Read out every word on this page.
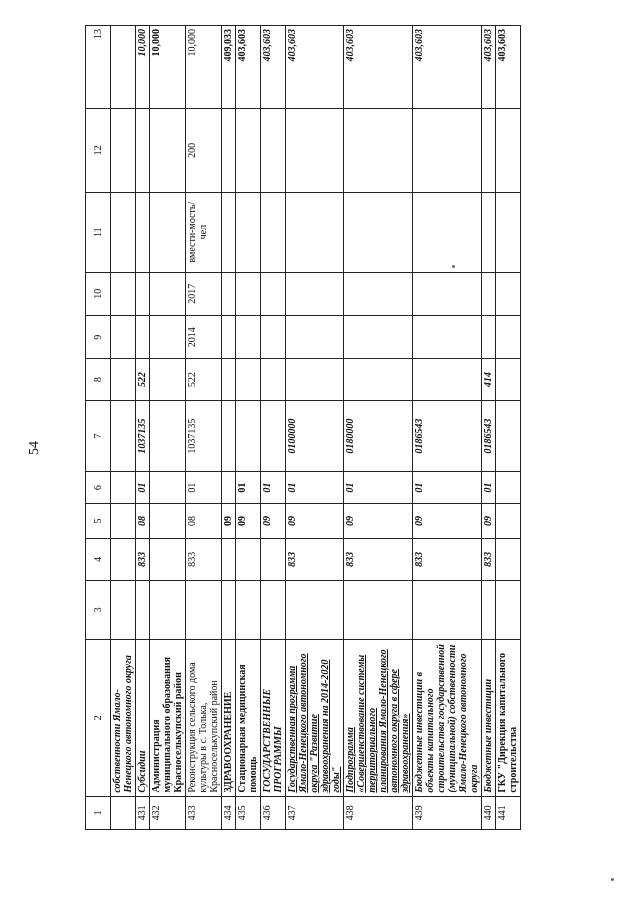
54
1	2	3	4	5	6	7	8	9	10	11	12	13
	собственности Ямало-Ненецкого автономного округа											
431	Субсидии		833	08	01	1037135	522					10,000
432	Администрация муниципального образования Красноселькупский район											10,000
433	Реконструкция сельского дома культуры в с. Толька, Красноселькупский район		833	08	01	1037135	522	2014	2017	вмести-мость/чел	200	10,000
434	ЗДРАВООХРАНЕНИЕ			09								409,033
435	Стационарная медицинская помощь			09	01							403,603
436	ГОСУДАРСТВЕННЫЕ ПРОГРАММЫ			09	01							403,603
437	Государственная программа Ямало-Ненецкого автономного округа "Развитие здравоохранения на 2014-2020 годы"		833	09	01	0100000						403,603
438	Подпрограмма «Совершенствование системы территориального планирования Ямало-Ненецкого автономного округа в сфере здравоохранения»		833	09	01	0180000						403,603
439	Бюджетные инвестиции в объекты капитального строительства государственной (муниципальной) собственности Ямало-Ненецкого автономного округа		833	09	01	0186543						403,603
440	Бюджетные инвестиции		833	09	01	0186543	414					403,603
441	ГКУ "Дирекция капитального строительства											403,603
